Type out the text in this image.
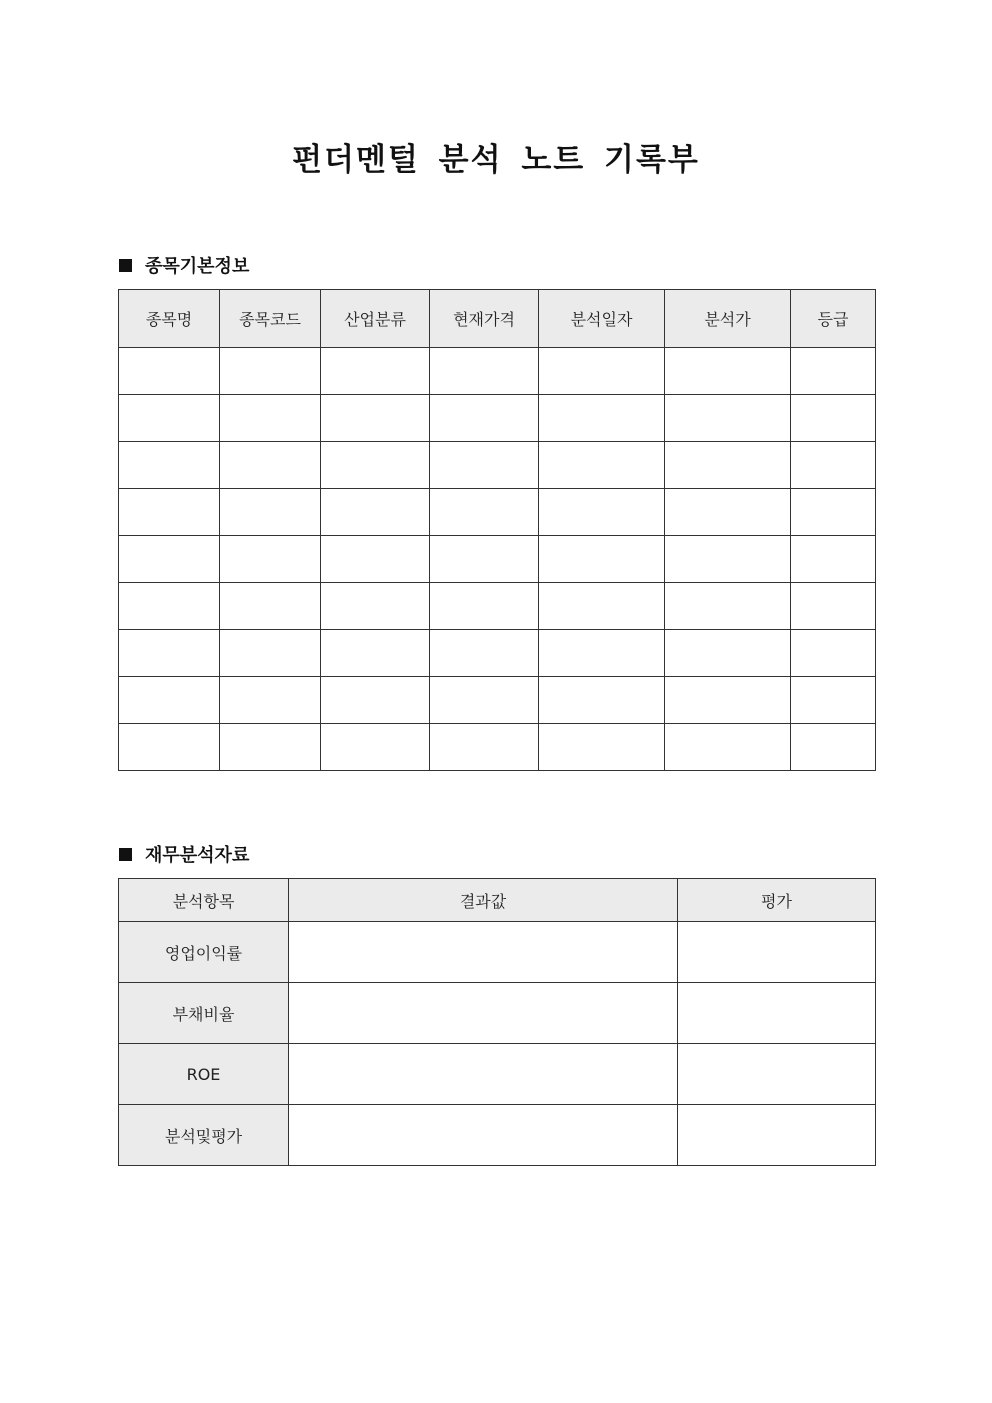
펀더멘털 분석 노트 기록부
종목기본정보
종목명	종목코드	산업분류	현재가격	분석일자	분석가	등급

재무분석자료
분석항목	결과값	평가
영업이익률		
부채비율		
ROE		
분석및평가		
